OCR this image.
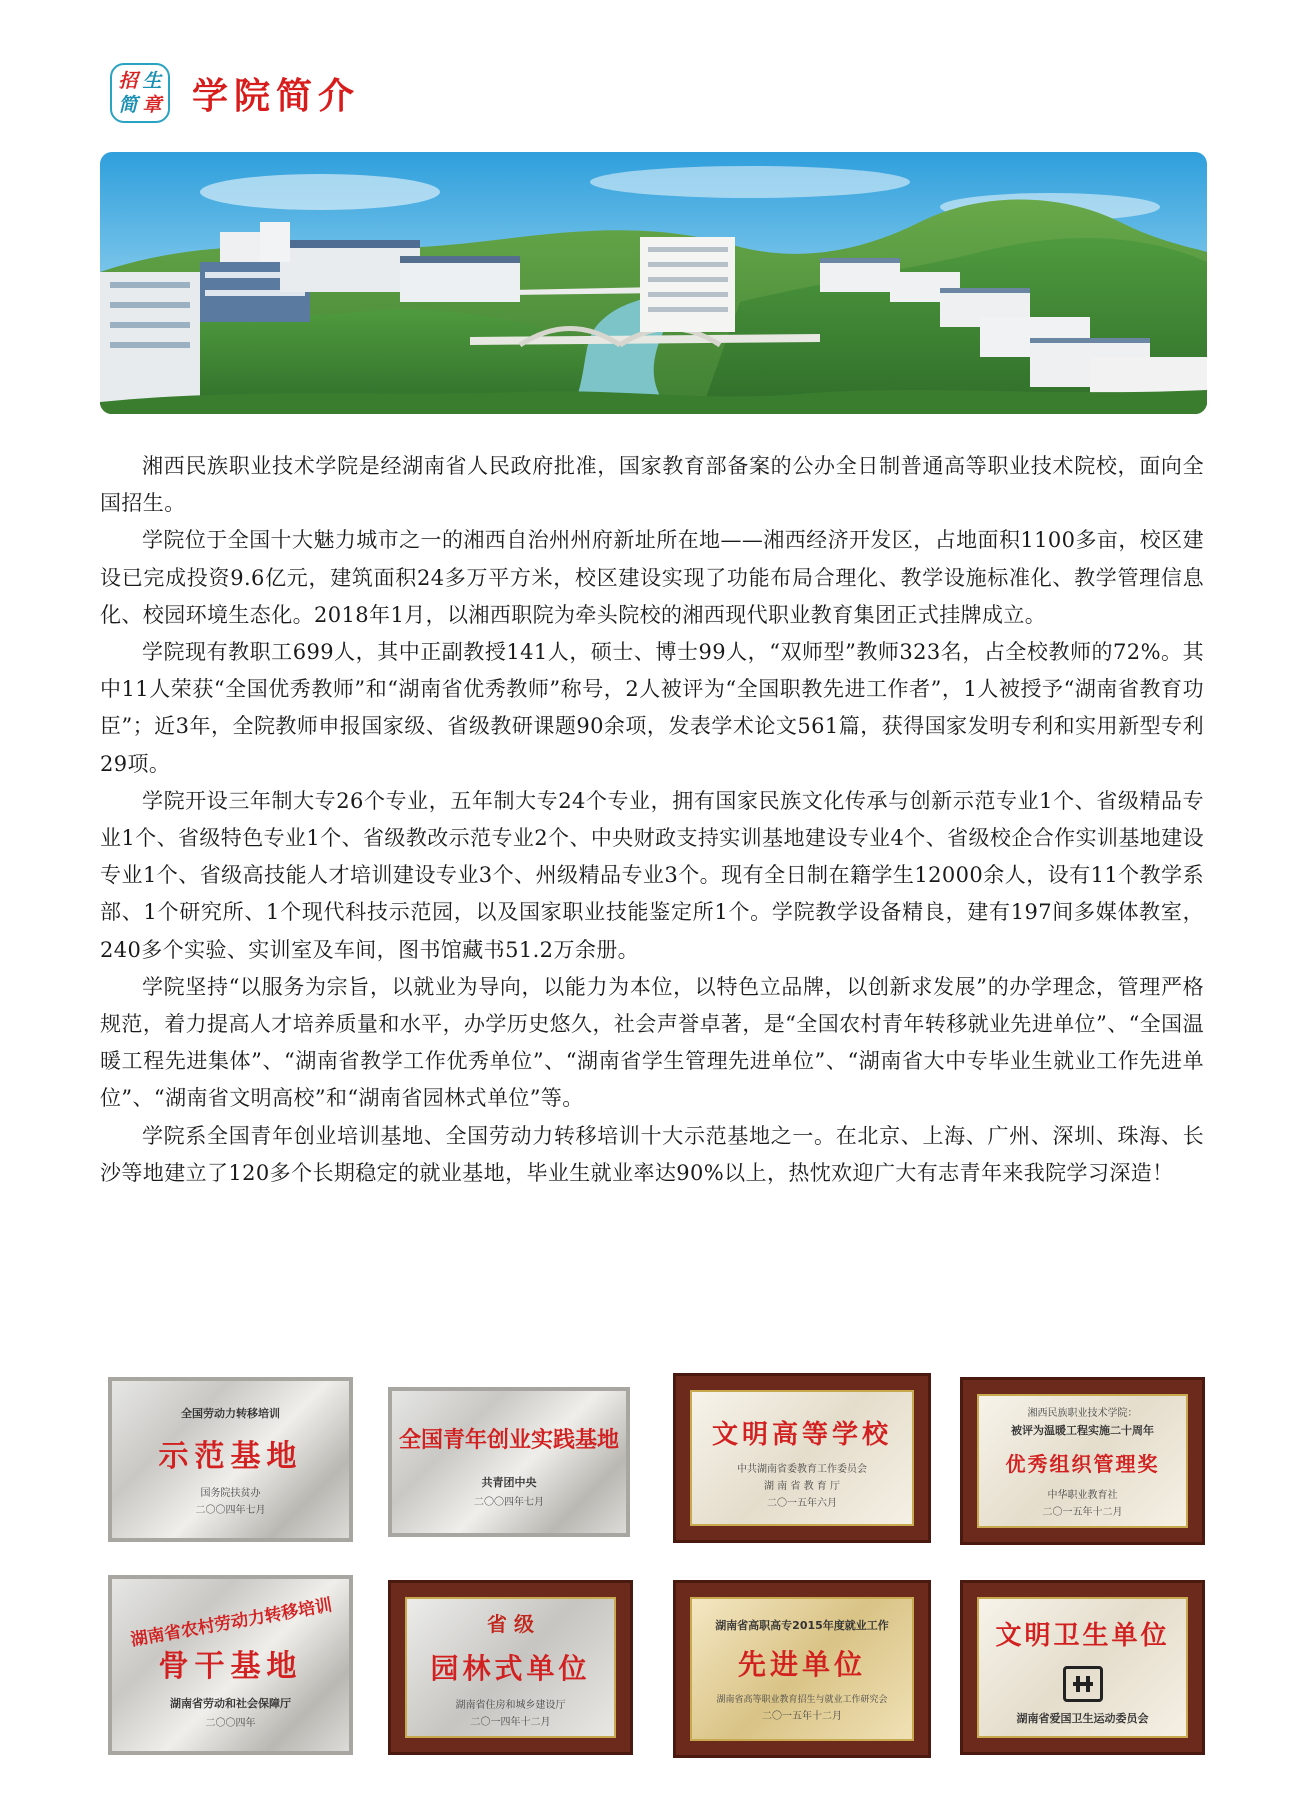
招 生
简 章 学院简介

湘西民族职业技术学院是经湖南省人民政府批准，国家教育部备案的公办全日制普通高等职业技术院校，面向全国招生。

学院位于全国十大魅力城市之一的湘西自治州州府新址所在地——湘西经济开发区，占地面积1100多亩，校区建设已完成投资9.6亿元，建筑面积24多万平方米，校区建设实现了功能布局合理化、教学设施标准化、教学管理信息化、校园环境生态化。2018年1月，以湘西职院为牵头院校的湘西现代职业教育集团正式挂牌成立。

学院现有教职工699人，其中正副教授141人，硕士、博士99人，“双师型”教师323名，占全校教师的72%。其中11人荣获“全国优秀教师”和“湖南省优秀教师”称号，2人被评为“全国职教先进工作者”，1人被授予“湖南省教育功臣”；近3年，全院教师申报国家级、省级教研课题90余项，发表学术论文561篇，获得国家发明专利和实用新型专利29项。

学院开设三年制大专26个专业，五年制大专24个专业，拥有国家民族文化传承与创新示范专业1个、省级精品专业1个、省级特色专业1个、省级教改示范专业2个、中央财政支持实训基地建设专业4个、省级校企合作实训基地建设专业1个、省级高技能人才培训建设专业3个、州级精品专业3个。现有全日制在籍学生12000余人，设有11个教学系部、1个研究所、1个现代科技示范园，以及国家职业技能鉴定所1个。学院教学设备精良，建有197间多媒体教室，240多个实验、实训室及车间，图书馆藏书51.2万余册。

学院坚持“以服务为宗旨，以就业为导向，以能力为本位，以特色立品牌，以创新求发展”的办学理念，管理严格规范，着力提高人才培养质量和水平，办学历史悠久，社会声誉卓著，是“全国农村青年转移就业先进单位”、“全国温暖工程先进集体”、“湖南省教学工作优秀单位”、“湖南省学生管理先进单位”、“湖南省大中专毕业生就业工作先进单位”、“湖南省文明高校”和“湖南省园林式单位”等。

学院系全国青年创业培训基地、全国劳动力转移培训十大示范基地之一。在北京、上海、广州、深圳、珠海、长沙等地建立了120多个长期稳定的就业基地，毕业生就业率达90%以上，热忱欢迎广大有志青年来我院学习深造！

全国劳动力转移培训
示范基地
国务院扶贫办
二〇〇四年七月
全国青年创业实践基地
共青团中央
二〇〇四年七月
文明高等学校
中共湖南省委教育工作委员会
湖 南 省 教 育 厅
二〇一五年六月
湘西民族职业技术学院：
被评为温暖工程实施二十周年
优秀组织管理奖
中华职业教育社
二〇一五年十二月
湖南省农村劳动力转移培训
骨干基地
湖南省劳动和社会保障厅
二〇〇四年
省 级
园林式单位
湖南省住房和城乡建设厅
二〇一四年十二月
湖南省高职高专2015年度就业工作
先进单位
湖南省高等职业教育招生与就业工作研究会
二〇一五年十二月
文明卫生单位
湖南省爱国卫生运动委员会
